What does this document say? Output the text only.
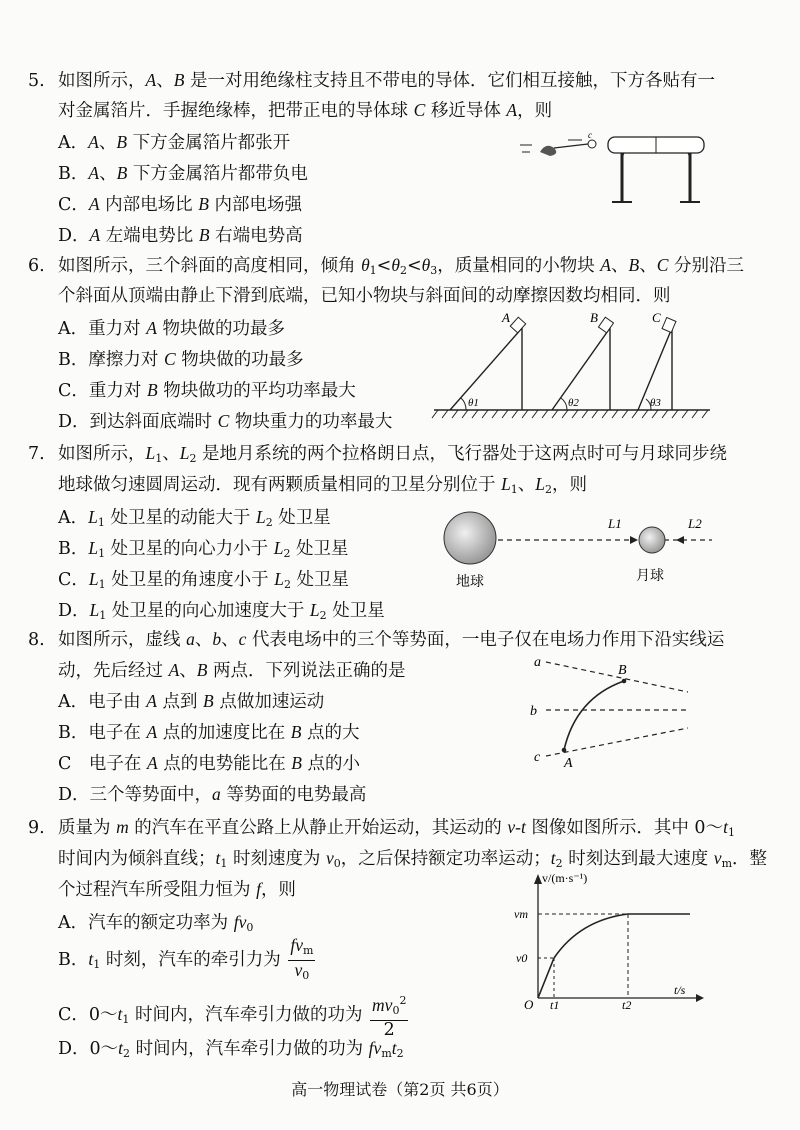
5. 如图所示，A、B 是一对用绝缘柱支持且不带电的导体．它们相互接触，下方各贴有一
对金属箔片．手握绝缘棒，把带正电的导体球 C 移近导体 A，则
A．A、B 下方金属箔片都张开
B．A、B 下方金属箔片都带负电
C．A 内部电场比 B 内部电场强
D．A 左端电势比 B 右端电势高
c
6. 如图所示，三个斜面的高度相同，倾角 $\theta_1<\theta_2<\theta_3$，质量相同的小物块 A、B、C 分别沿三
个斜面从顶端由静止下滑到底端，已知小物块与斜面间的动摩擦因数均相同．则
A．重力对 A 物块做的功最多
B．摩擦力对 C 物块做的功最多
C．重力对 B 物块做功的平均功率最大
D．到达斜面底端时 C 物块重力的功率最大
A
θ1
B
θ2
C
θ3
7. 如图所示，$L_1$、$L_2$ 是地月系统的两个拉格朗日点，飞行器处于这两点时可与月球同步绕
地球做匀速圆周运动．现有两颗质量相同的卫星分别位于 $L_1$、$L_2$，则
A．$L_1$ 处卫星的动能大于 $L_2$ 处卫星
B．$L_1$ 处卫星的向心力小于 $L_2$ 处卫星
C．$L_1$ 处卫星的角速度小于 $L_2$ 处卫星
D．$L_1$ 处卫星的向心加速度大于 $L_2$ 处卫星
L1	L2
地球	月球
8. 如图所示，虚线 a、b、c 代表电场中的三个等势面，一电子仅在电场力作用下沿实线运
动，先后经过 A、B 两点．下列说法正确的是
A．电子由 A 点到 B 点做加速运动
B．电子在 A 点的加速度比在 B 点的大
C　电子在 A 点的电势能比在 B 点的小
D．三个等势面中，a 等势面的电势最高
a
b
c A
B
9. 质量为 m 的汽车在平直公路上从静止开始运动，其运动的 v-t 图像如图所示．其中 $0\sim t_1$
时间内为倾斜直线；$t_1$ 时刻速度为 $v_0$，之后保持额定功率运动；$t_2$ 时刻达到最大速度 $v_m$．整
个过程汽车所受阻力恒为 f，则
A．汽车的额定功率为 $fv_0$
B．$t_1$ 时刻，汽车的牵引力为 $\frac{fv_m}{v_0}$
C．$0\sim t_1$ 时间内，汽车牵引力做的功为 $\frac{mv_0^2}{2}$
D．$0\sim t_2$ 时间内，汽车牵引力做的功为 $fv_mt_2$
v/(m·s⁻¹)
t/s
O t1	t2
v0
vm
高一物理试卷（第2页 共6页）
